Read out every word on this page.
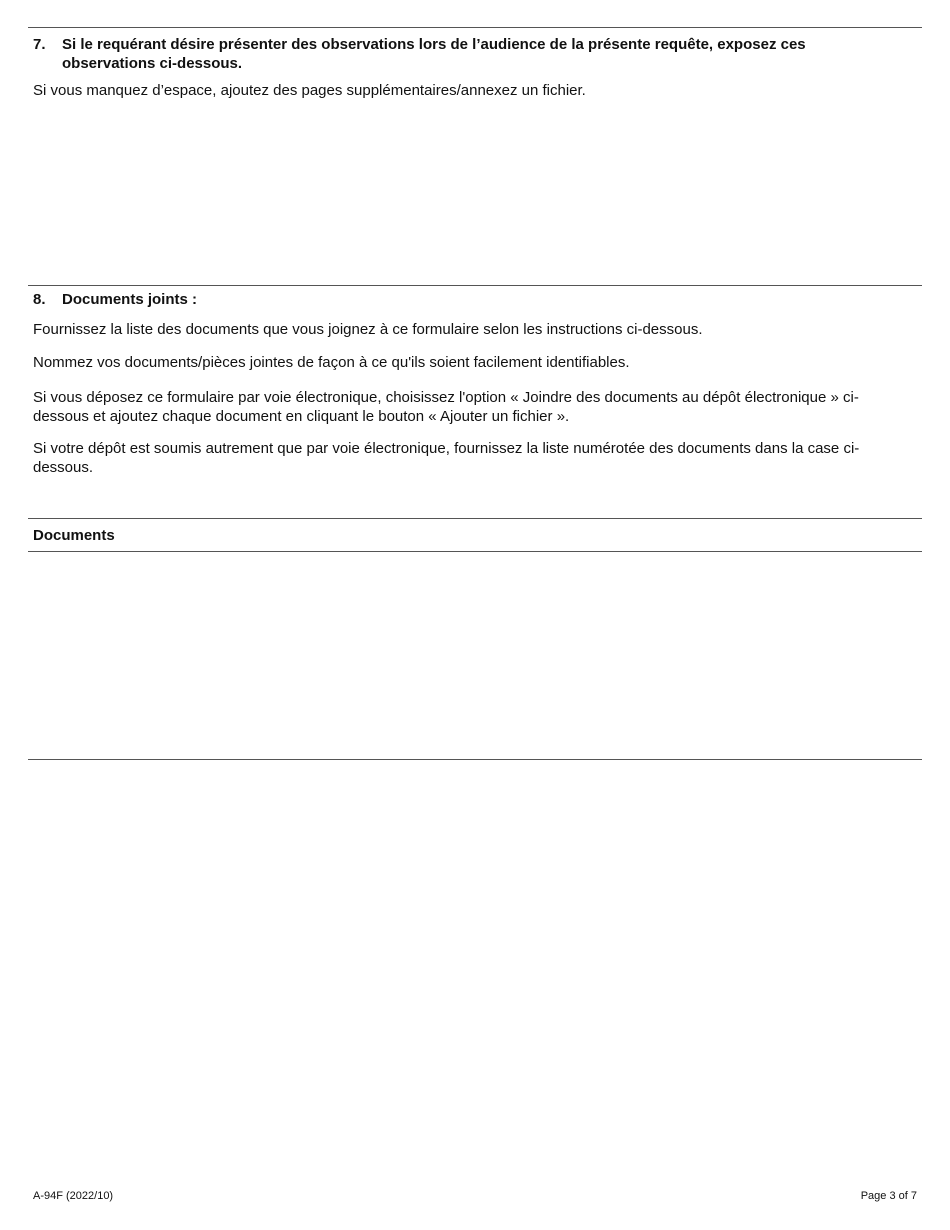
7.	Si le requérant désire présenter des observations lors de l’audience de la présente requête, exposez ces observations ci-dessous.

Si vous manquez d’espace, ajoutez des pages supplémentaires/annexez un fichier.

8.	Documents joints :

Fournissez la liste des documents que vous joignez à ce formulaire selon les instructions ci-dessous.

Nommez vos documents/pièces jointes de façon à ce qu'ils soient facilement identifiables.

Si vous déposez ce formulaire par voie électronique, choisissez l'option « Joindre des documents au dépôt électronique » ci-dessous et ajoutez chaque document en cliquant le bouton « Ajouter un fichier ».

Si votre dépôt est soumis autrement que par voie électronique, fournissez la liste numérotée des documents dans la case ci-dessous.

Documents
A-94F (2022/10)	Page 3 of 7
